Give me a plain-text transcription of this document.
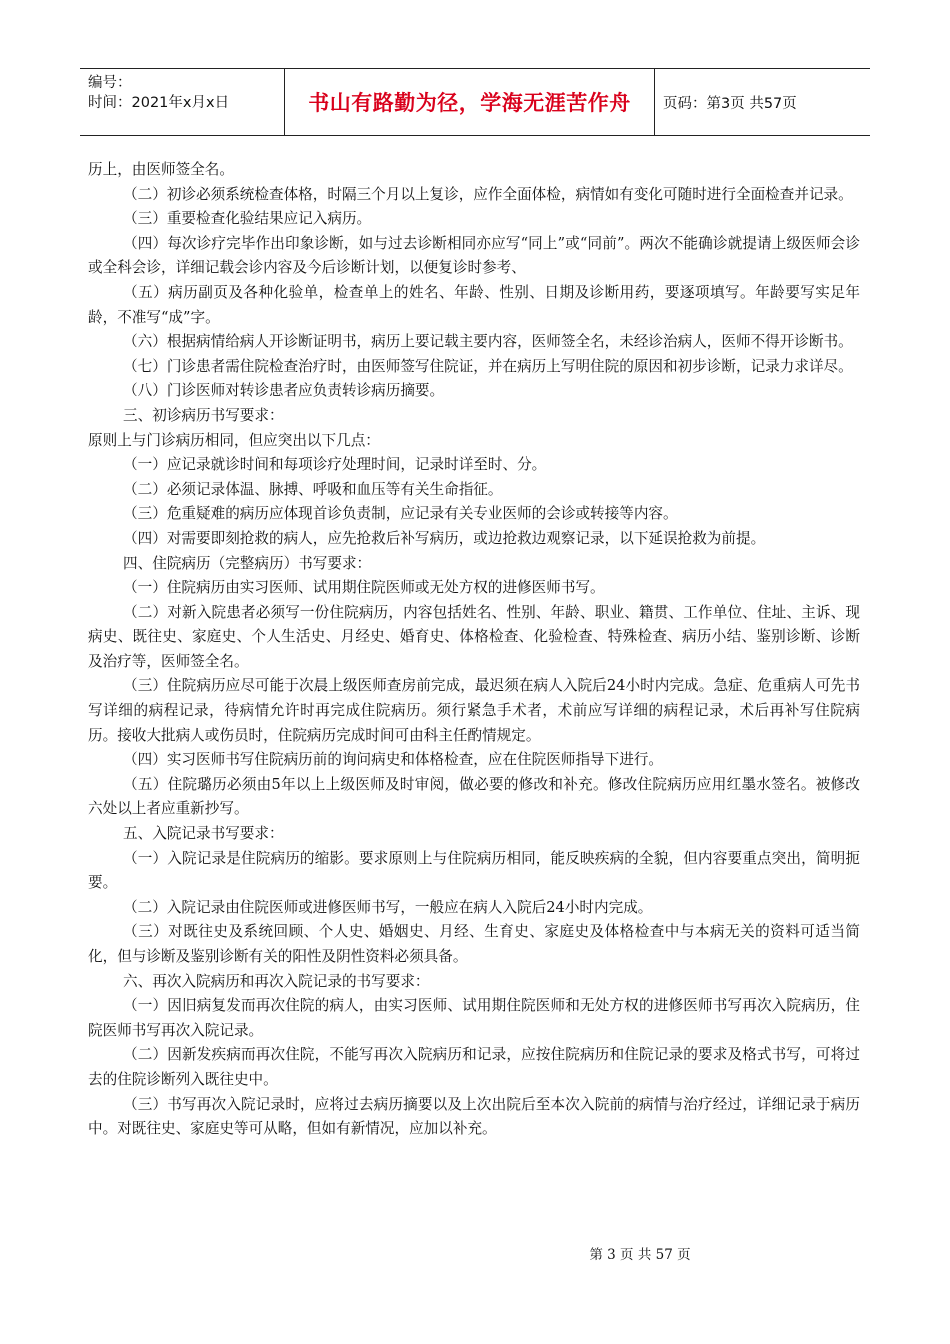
编号：
时间：2021年x月x日	书山有路勤为径，学海无涯苦作舟 页码：第3页 共57页

历上，由医师签全名。

（二）初诊必须系统检查体格，时隔三个月以上复诊，应作全面体检，病情如有变化可随时进行全面检查并记录。

（三）重要检查化验结果应记入病历。

（四）每次诊疗完毕作出印象诊断，如与过去诊断相同亦应写“同上”或“同前”。两次不能确诊就提请上级医师会诊或全科会诊，详细记载会诊内容及今后诊断计划，以便复诊时参考、

（五）病历副页及各种化验单，检查单上的姓名、年龄、性别、日期及诊断用药，要逐项填写。年龄要写实足年龄，不准写“成”字。

（六）根据病情给病人开诊断证明书，病历上要记载主要内容，医师签全名，未经诊治病人，医师不得开诊断书。

（七）门诊患者需住院检查治疗时，由医师签写住院证，并在病历上写明住院的原因和初步诊断，记录力求详尽。

（八）门诊医师对转诊患者应负责转诊病历摘要。

三、初诊病历书写要求：

原则上与门诊病历相同，但应突出以下几点：

（一）应记录就诊时间和每项诊疗处理时间，记录时详至时、分。

（二）必须记录体温、脉搏、呼吸和血压等有关生命指征。

（三）危重疑难的病历应体现首诊负责制，应记录有关专业医师的会诊或转接等内容。

（四）对需要即刻抢救的病人，应先抢救后补写病历，或边抢救边观察记录，以下延误抢救为前提。

四、住院病历（完整病历）书写要求：

（一）住院病历由实习医师、试用期住院医师或无处方权的进修医师书写。

（二）对新入院患者必须写一份住院病历，内容包括姓名、性别、年龄、职业、籍贯、工作单位、住址、主诉、现病史、既往史、家庭史、个人生活史、月经史、婚育史、体格检查、化验检查、特殊检查、病历小结、鉴别诊断、诊断及治疗等，医师签全名。

（三）住院病历应尽可能于次晨上级医师查房前完成，最迟须在病人入院后24小时内完成。急症、危重病人可先书写详细的病程记录，待病情允许时再完成住院病历。须行紧急手术者，术前应写详细的病程记录，术后再补写住院病历。接收大批病人或伤员时，住院病历完成时间可由科主任酌情规定。

（四）实习医师书写住院病历前的询问病史和体格检查，应在住院医师指导下进行。

（五）住院璐历必须由5年以上上级医师及时审阅，做必要的修改和补充。修改住院病历应用红墨水签名。被修改六处以上者应重新抄写。

五、入院记录书写要求：

（一）入院记录是住院病历的缩影。要求原则上与住院病历相同，能反映疾病的全貌，但内容要重点突出，简明扼要。

（二）入院记录由住院医师或进修医师书写，一般应在病人入院后24小时内完成。

（三）对既往史及系统回顾、个人史、婚姻史、月经、生育史、家庭史及体格检查中与本病无关的资料可适当简化，但与诊断及鉴别诊断有关的阳性及阴性资料必须具备。

六、再次入院病历和再次入院记录的书写要求：

（一）因旧病复发而再次住院的病人，由实习医师、试用期住院医师和无处方权的进修医师书写再次入院病历，住院医师书写再次入院记录。

（二）因新发疾病而再次住院，不能写再次入院病历和记录，应按住院病历和住院记录的要求及格式书写，可将过去的住院诊断列入既往史中。

（三）书写再次入院记录时，应将过去病历摘要以及上次出院后至本次入院前的病情与治疗经过，详细记录于病历中。对既往史、家庭史等可从略，但如有新情况，应加以补充。

第 3 页 共 57 页
